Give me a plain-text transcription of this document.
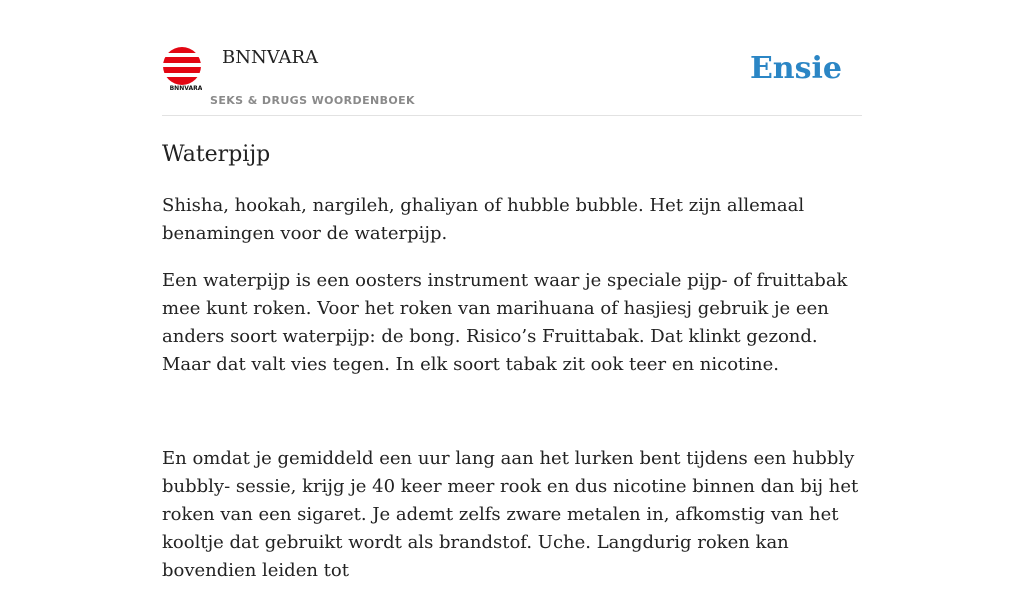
BNNVARA
BNNVARA
SEKS & DRUGS WOORDENBOEK
Ensie
Waterpijp

Shisha, hookah, nargileh, ghaliyan of hubble bubble. Het zijn allemaal benamingen voor de waterpijp.

Een waterpijp is een oosters instrument waar je speciale pijp- of fruittabak mee kunt roken. Voor het roken van marihuana of hasjiesj gebruik je een anders soort waterpijp: de bong. Risico’s Fruittabak. Dat klinkt gezond. Maar dat valt vies tegen. In elk soort tabak zit ook teer en nicotine.

En omdat je gemiddeld een uur lang aan het lurken bent tijdens een hubbly bubbly- sessie, krijg je 40 keer meer rook en dus nicotine binnen dan bij het roken van een sigaret. Je ademt zelfs zware metalen in, afkomstig van het kooltje dat gebruikt wordt als brandstof. Uche. Langdurig roken kan bovendien leiden tot
